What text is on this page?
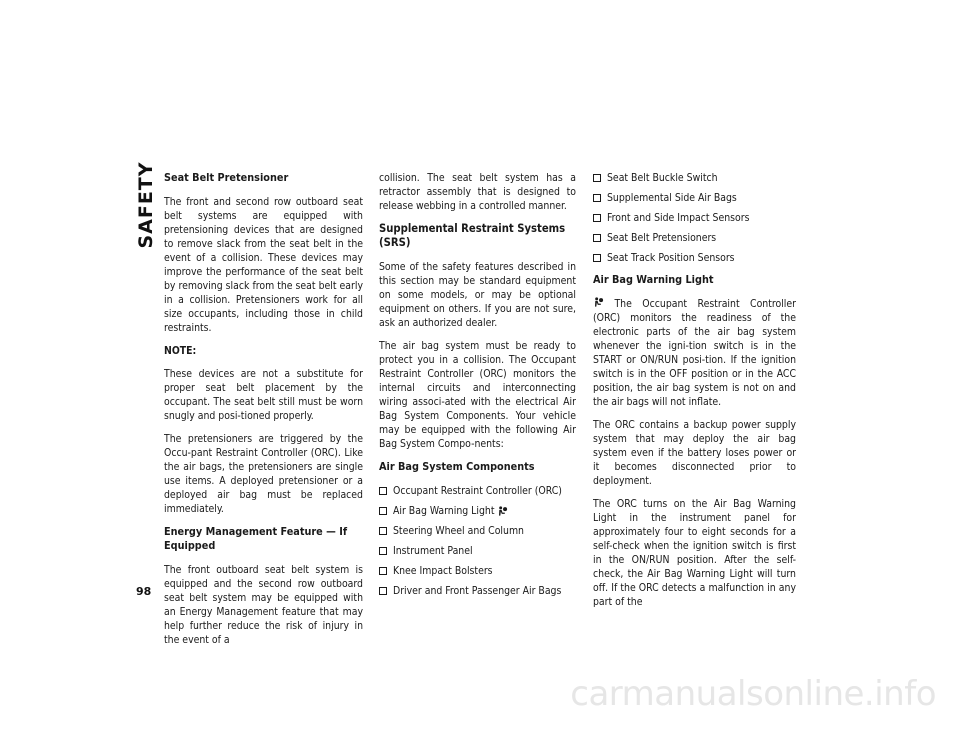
SAFETY
98
Seat Belt Pretensioner

The front and second row outboard seat belt systems are equipped with pretensioning devices that are designed to remove slack from the seat belt in the event of a collision. These devices may improve the performance of the seat belt by removing slack from the seat belt early in a collision. Pretensioners work for all size occupants, including those in child restraints.

NOTE:

These devices are not a substitute for proper seat belt placement by the occupant. The seat belt still must be worn snugly and posi-tioned properly.

The pretensioners are triggered by the Occu-pant Restraint Controller (ORC). Like the air bags, the pretensioners are single use items. A deployed pretensioner or a deployed air bag must be replaced immediately.

Energy Management Feature — If Equipped

The front outboard seat belt system is equipped and the second row outboard seat belt system may be equipped with an Energy Management feature that may help further reduce the risk of injury in the event of a

collision. The seat belt system has a retractor assembly that is designed to release webbing in a controlled manner.

Supplemental Restraint Systems (SRS)

Some of the safety features described in this section may be standard equipment on some models, or may be optional equipment on others. If you are not sure, ask an authorized dealer.

The air bag system must be ready to protect you in a collision. The Occupant Restraint Controller (ORC) monitors the internal circuits and interconnecting wiring associ-ated with the electrical Air Bag System Components. Your vehicle may be equipped with the following Air Bag System Compo-nents:

Air Bag System Components
Occupant Restraint Controller (ORC)
Air Bag Warning Light

Steering Wheel and Column
Instrument Panel
Knee Impact Bolsters
Driver and Front Passenger Air Bags
Seat Belt Buckle Switch
Supplemental Side Air Bags
Front and Side Impact Sensors
Seat Belt Pretensioners
Seat Track Position Sensors
Air Bag Warning Light

The Occupant Restraint Controller (ORC) monitors the readiness of the electronic parts of the air bag system whenever the igni-tion switch is in the START or ON/RUN posi-tion. If the ignition switch is in the OFF position or in the ACC position, the air bag system is not on and the air bags will not inflate.

The ORC contains a backup power supply system that may deploy the air bag system even if the battery loses power or it becomes disconnected prior to deployment.

The ORC turns on the Air Bag Warning Light in the instrument panel for approximately four to eight seconds for a self-check when the ignition switch is first in the ON/RUN position. After the self-check, the Air Bag Warning Light will turn off. If the ORC detects a malfunction in any part of the

carmanualsonline.info
